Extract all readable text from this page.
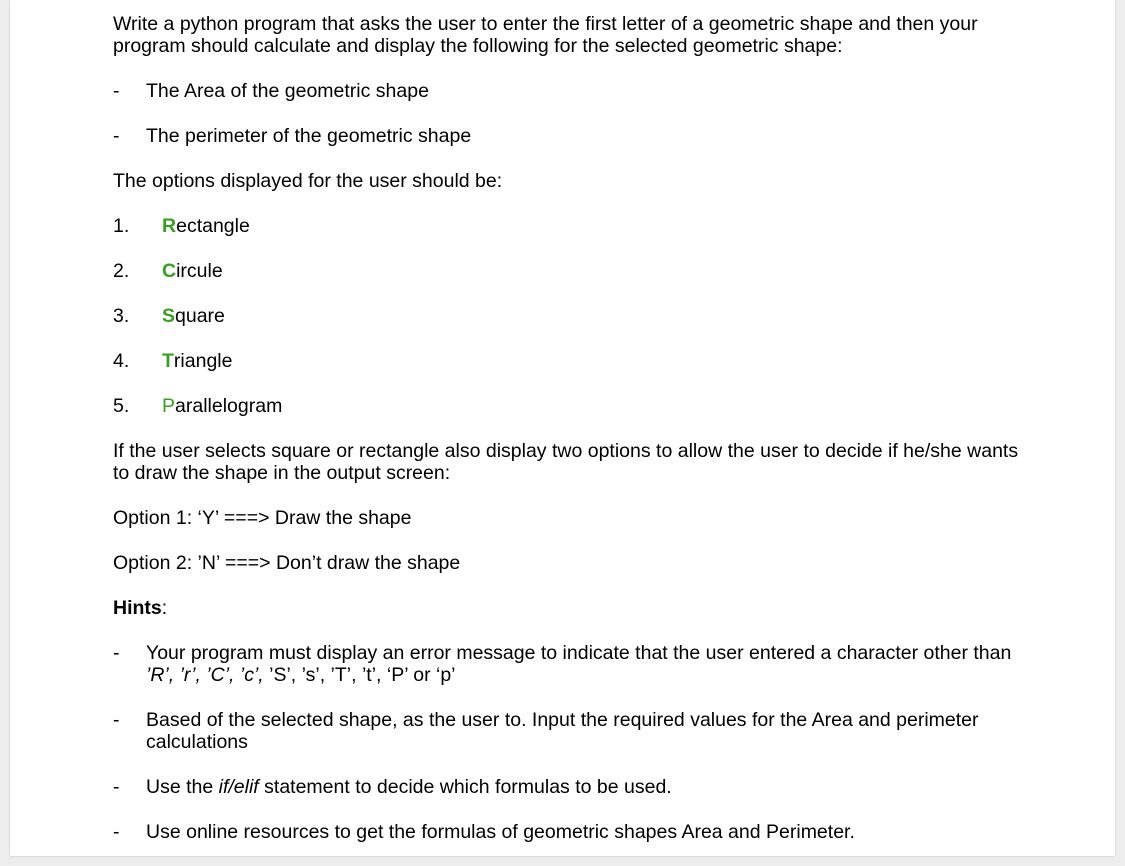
Write a python program that asks the user to enter the first letter of a geometric shape and then your program should calculate and display the following for the selected geometric shape:

- The Area of the geometric shape
- The perimeter of the geometric shape

The options displayed for the user should be:

1. Rectangle
2. Circule
3. Square
4. Triangle
5. Parallelogram

If the user selects square or rectangle also display two options to allow the user to decide if he/she wants to draw the shape in the output screen:

Option 1: ‘Y’ ===> Draw the shape

Option 2: ’N’ ===> Don’t draw the shape

Hints:

- Your program must display an error message to indicate that the user entered a character other than ’R’, ’r’, ’C’, ’c’, ’S’, ’s’, ’T’, ’t’, ‘P’ or ‘p’
- Based of the selected shape, as the user to. Input the required values for the Area and perimeter calculations
- Use the if/elif statement to decide which formulas to be used.
- Use online resources to get the formulas of geometric shapes Area and Perimeter.
